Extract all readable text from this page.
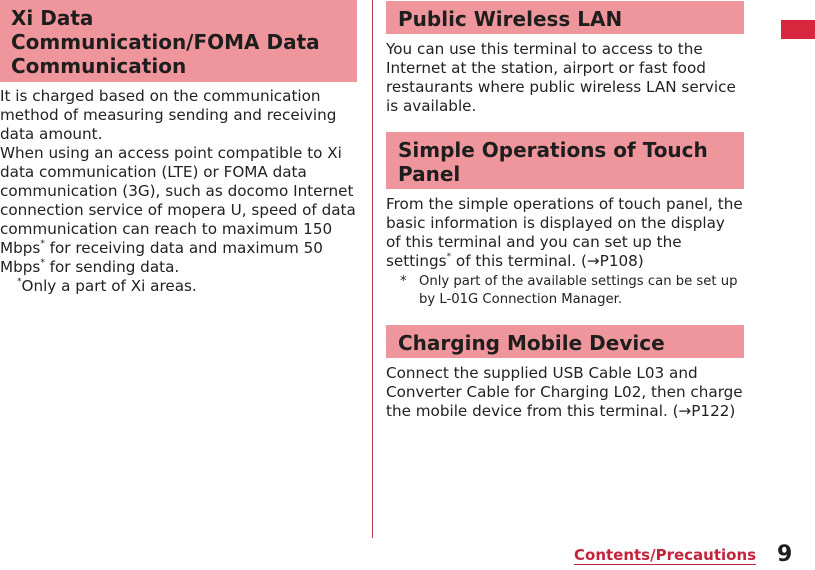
Xi Data Communication/FOMA Data Communication

It is charged based on the communication method of measuring sending and receiving data amount.

When using an access point compatible to Xi data communication (LTE) or FOMA data communication (3G), such as docomo Internet connection service of mopera U, speed of data communication can reach to maximum 150 Mbps* for receiving data and maximum 50 Mbps* for sending data.

*Only a part of Xi areas.

Public Wireless LAN

You can use this terminal to access to the Internet at the station, airport or fast food restaurants where public wireless LAN service is available.

Simple Operations of Touch Panel

From the simple operations of touch panel, the basic information is displayed on the display of this terminal and you can set up the settings* of this terminal. (→P108)

* Only part of the available settings can be set up by L-01G Connection Manager.

Charging Mobile Device

Connect the supplied USB Cable L03 and Converter Cable for Charging L02, then charge the mobile device from this terminal. (→P122)

Contents/Precautions 9
